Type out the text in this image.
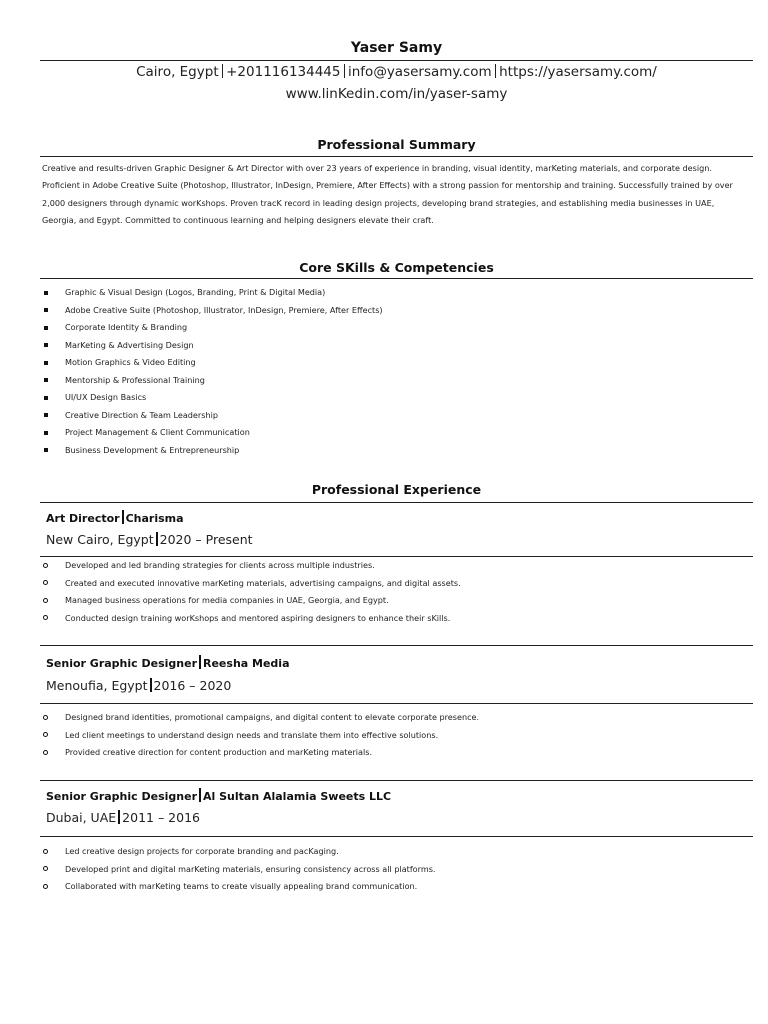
Yaser Samy
Cairo, Egypt +201116134445 info@yasersamy.com https://yasersamy.com/
www.linKedin.com/in/yaser-samy
Professional Summary
Creative and results-driven Graphic Designer & Art Director with over 23 years of experience in branding, visual identity, marKeting materials, and corporate design. Proficient in Adobe Creative Suite (Photoshop, Illustrator, InDesign, Premiere, After Effects) with a strong passion for mentorship and training. Successfully trained by over 2,000 designers through dynamic worKshops. Proven tracK record in leading design projects, developing brand strategies, and establishing media businesses in UAE, Georgia, and Egypt. Committed to continuous learning and helping designers elevate their craft.
Core SKills & Competencies
Graphic & Visual Design (Logos, Branding, Print & Digital Media)
Adobe Creative Suite (Photoshop, Illustrator, InDesign, Premiere, After Effects)
Corporate Identity & Branding
MarKeting & Advertising Design
Motion Graphics & Video Editing
Mentorship & Professional Training
UI/UX Design Basics
Creative Direction & Team Leadership
Project Management & Client Communication
Business Development & Entrepreneurship
Professional Experience
Art Director Charisma
New Cairo, Egypt 2020 – Present
Developed and led branding strategies for clients across multiple industries.
Created and executed innovative marKeting materials, advertising campaigns, and digital assets.
Managed business operations for media companies in UAE, Georgia, and Egypt.
Conducted design training worKshops and mentored aspiring designers to enhance their sKills.
Senior Graphic Designer Reesha Media
Menoufia, Egypt 2016 – 2020
Designed brand identities, promotional campaigns, and digital content to elevate corporate presence.
Led client meetings to understand design needs and translate them into effective solutions.
Provided creative direction for content production and marKeting materials.
Senior Graphic Designer Al Sultan Alalamia Sweets LLC
Dubai, UAE 2011 – 2016
Led creative design projects for corporate branding and pacKaging.
Developed print and digital marKeting materials, ensuring consistency across all platforms.
Collaborated with marKeting teams to create visually appealing brand communication.
